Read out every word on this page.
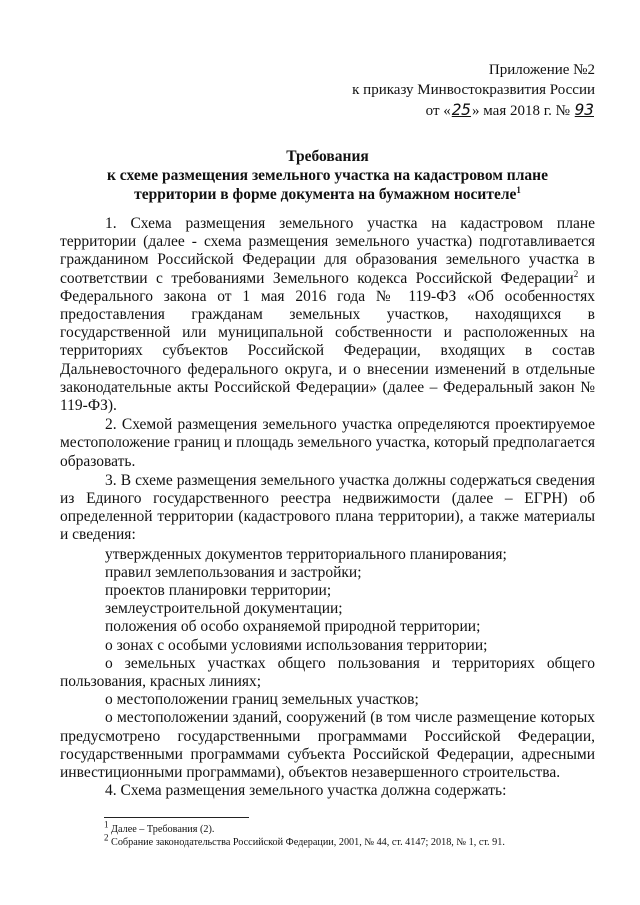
Приложение №2
к приказу Минвостокразвития России
от «25» мая 2018 г. № 93
Требования
к схеме размещения земельного участка на кадастровом плане
территории в форме документа на бумажном носителе$^1$

1. Схема размещения земельного участка на кадастровом плане территории (далее - схема размещения земельного участка) подготавливается гражданином Российской Федерации для образования земельного участка в соответствии с требованиями Земельного кодекса Российской Федерации$^2$ и Федерального закона от 1 мая 2016 года № 119-ФЗ «Об особенностях предоставления гражданам земельных участков, находящихся в государственной или муниципальной собственности и расположенных на территориях субъектов Российской Федерации, входящих в состав Дальневосточного федерального округа, и о внесении изменений в отдельные законодательные акты Российской Федерации» (далее – Федеральный закон № 119-ФЗ).

2. Схемой размещения земельного участка определяются проектируемое местоположение границ и площадь земельного участка, который предполагается образовать.

3. В схеме размещения земельного участка должны содержаться сведения из Единого государственного реестра недвижимости (далее – ЕГРН) об определенной территории (кадастрового плана территории), а также материалы и сведения:

утвержденных документов территориального планирования;

правил землепользования и застройки;

проектов планировки территории;

землеустроительной документации;

положения об особо охраняемой природной территории;

о зонах с особыми условиями использования территории;

о земельных участках общего пользования и территориях общего пользования, красных линиях;

о местоположении границ земельных участков;

о местоположении зданий, сооружений (в том числе размещение которых предусмотрено государственными программами Российской Федерации, государственными программами субъекта Российской Федерации, адресными инвестиционными программами), объектов незавершенного строительства.

4. Схема размещения земельного участка должна содержать:

$^1$ Далее – Требования (2).
$^2$ Собрание законодательства Российской Федерации, 2001, № 44, ст. 4147; 2018, № 1, ст. 91.
